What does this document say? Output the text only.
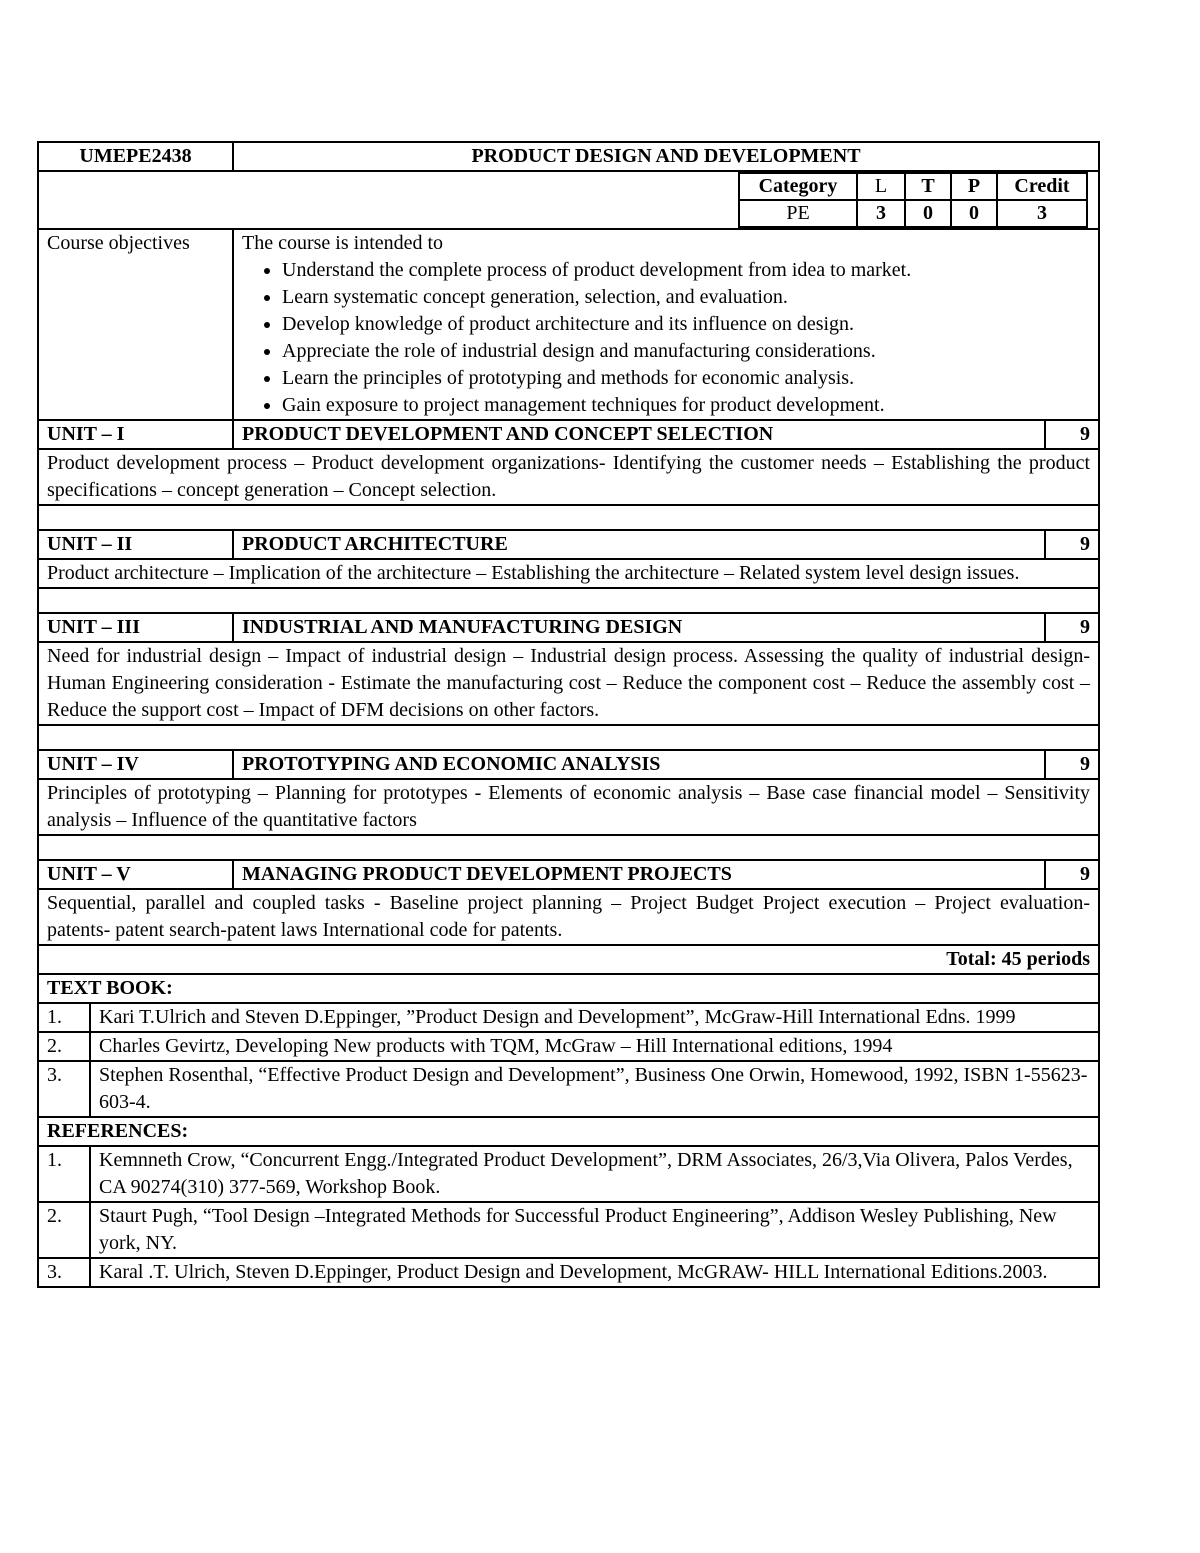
UMEPE2438	PRODUCT DESIGN AND DEVELOPMENT

Category	L	T	P	Credit
PE	3	0	0	3

Course objectives	The course is intended to
• Understand the complete process of product development from idea to market.
• Learn systematic concept generation, selection, and evaluation.
• Develop knowledge of product architecture and its influence on design.
• Appreciate the role of industrial design and manufacturing considerations.
• Learn the principles of prototyping and methods for economic analysis.
• Gain exposure to project management techniques for product development.

UNIT – I	PRODUCT DEVELOPMENT AND CONCEPT SELECTION	9
Product development process – Product development organizations- Identifying the customer needs – Establishing the product specifications – concept generation – Concept selection.

UNIT – II	PRODUCT ARCHITECTURE	9
Product architecture – Implication of the architecture – Establishing the architecture – Related system level design issues.

UNIT – III	INDUSTRIAL AND MANUFACTURING DESIGN	9
Need for industrial design – Impact of industrial design – Industrial design process. Assessing the quality of industrial design- Human Engineering consideration - Estimate the manufacturing cost – Reduce the component cost – Reduce the assembly cost – Reduce the support cost – Impact of DFM decisions on other factors.

UNIT – IV	PROTOTYPING AND ECONOMIC ANALYSIS	9
Principles of prototyping – Planning for prototypes - Elements of economic analysis – Base case financial model – Sensitivity analysis – Influence of the quantitative factors

UNIT – V	MANAGING PRODUCT DEVELOPMENT PROJECTS	9
Sequential, parallel and coupled tasks - Baseline project planning – Project Budget Project execution – Project evaluation- patents- patent search-patent laws International code for patents.
Total: 45 periods
TEXT BOOK:
1.	Kari T.Ulrich and Steven D.Eppinger, ”Product Design and Development”, McGraw-Hill International Edns. 1999
2.	Charles Gevirtz, Developing New products with TQM, McGraw – Hill International editions, 1994
3.	Stephen Rosenthal, “Effective Product Design and Development”, Business One Orwin, Homewood, 1992, ISBN 1-55623-603-4.
REFERENCES:
1.	Kemnneth Crow, “Concurrent Engg./Integrated Product Development”, DRM Associates, 26/3,Via Olivera, Palos Verdes, CA 90274(310) 377-569, Workshop Book.
2.	Staurt Pugh, “Tool Design –Integrated Methods for Successful Product Engineering”, Addison Wesley Publishing, New york, NY.
3.	Karal .T. Ulrich, Steven D.Eppinger, Product Design and Development, McGRAW- HILL International Editions.2003.
